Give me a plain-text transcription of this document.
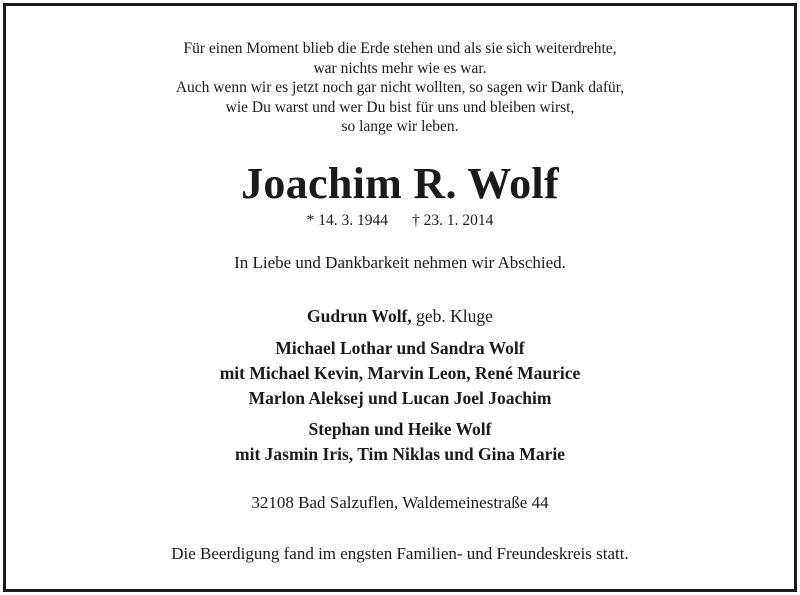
Für einen Moment blieb die Erde stehen und als sie sich weiterdrehte,
war nichts mehr wie es war.
Auch wenn wir es jetzt noch gar nicht wollten, so sagen wir Dank dafür,
wie Du warst und wer Du bist für uns und bleiben wirst,
so lange wir leben.
Joachim R. Wolf
* 14. 3. 1944 † 23. 1. 2014
In Liebe und Dankbarkeit nehmen wir Abschied.
Gudrun Wolf, geb. Kluge
Michael Lothar und Sandra Wolf
mit Michael Kevin, Marvin Leon, René Maurice
Marlon Aleksej und Lucan Joel Joachim
Stephan und Heike Wolf
mit Jasmin Iris, Tim Niklas und Gina Marie
32108 Bad Salzuflen, Waldemeinestraße 44
Die Beerdigung fand im engsten Familien- und Freundeskreis statt.
